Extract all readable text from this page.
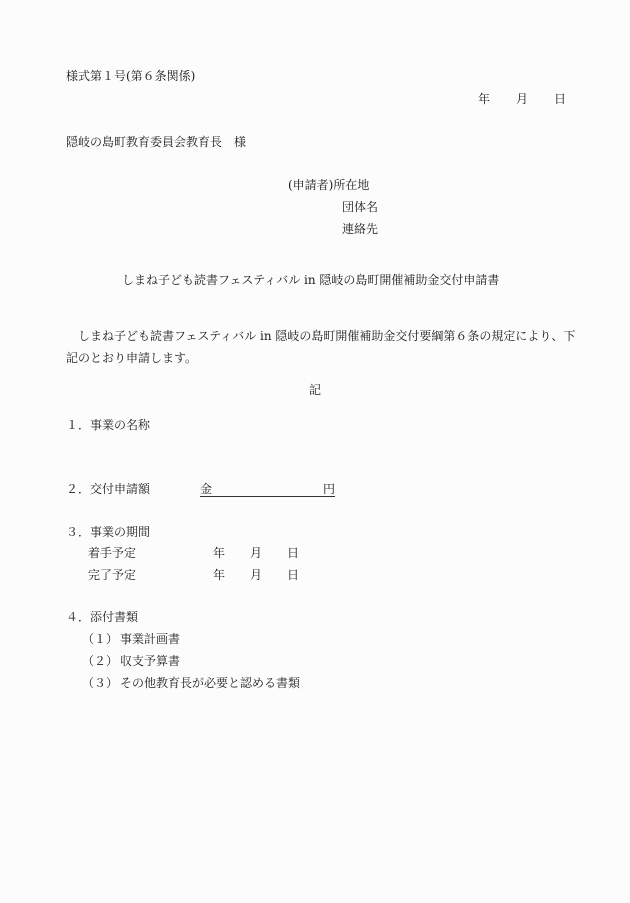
様式第１号(第６条関係)
年 月 日
隠岐の島町教育委員会教育長　様
(申請者)所在地
団体名
連絡先
しまね子ども読書フェスティバル in 隠岐の島町開催補助金交付申請書
　しまね子ども読書フェスティバル in 隠岐の島町開催補助金交付要綱第６条の規定により、下記のとおり申請します。
記
１．事業の名称
２．交付申請額	金	円
３．事業の期間
着手予定	年 月 日
完了予定	年 月 日
４．添付書類
（１） 事業計画書
（２） 収支予算書
（３） その他教育長が必要と認める書類
